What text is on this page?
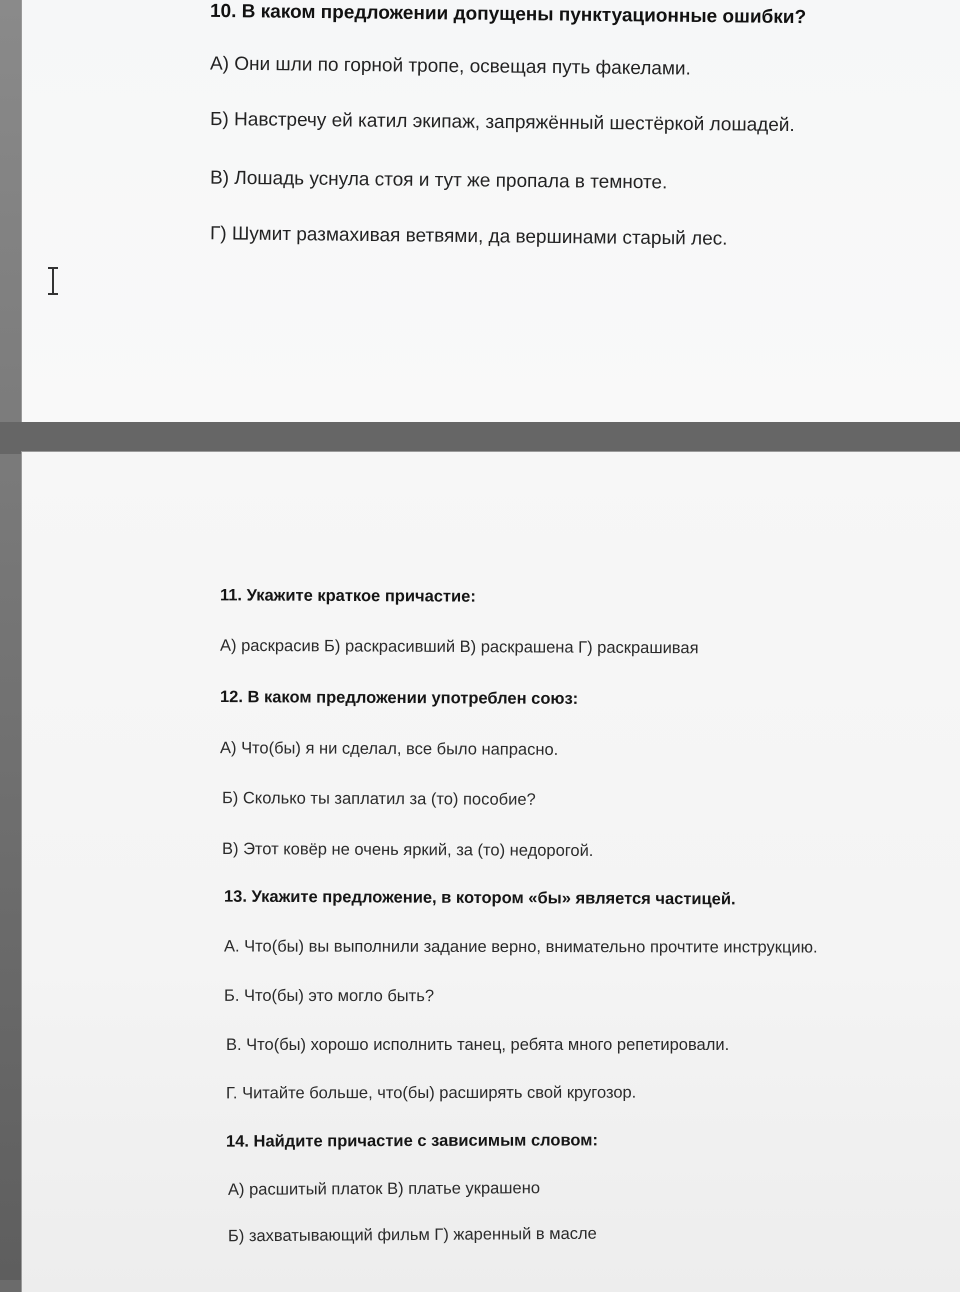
10. В каком предложении допущены пунктуационные ошибки?
А) Они шли по горной тропе, освещая путь факелами.
Б) Навстречу ей катил экипаж, запряжённый шестёркой лошадей.
В) Лошадь уснула стоя и тут же пропала в темноте.
Г) Шумит размахивая ветвями, да вершинами старый лес.
11. Укажите краткое причастие:
А) раскрасив Б) раскрасивший В) раскрашена Г) раскрашивая
12. В каком предложении употреблен союз:
А) Что(бы) я ни сделал, все было напрасно.
Б) Сколько ты заплатил за (то) пособие?
В) Этот ковёр не очень яркий, за (то) недорогой.
13. Укажите предложение, в котором «бы» является частицей.
А. Что(бы) вы выполнили задание верно, внимательно прочтите инструкцию.
Б. Что(бы) это могло быть?
В. Что(бы) хорошо исполнить танец, ребята много репетировали.
Г. Читайте больше, что(бы) расширять свой кругозор.
14. Найдите причастие с зависимым словом:
А) расшитый платок В) платье украшено
Б) захватывающий фильм Г) жаренный в масле
